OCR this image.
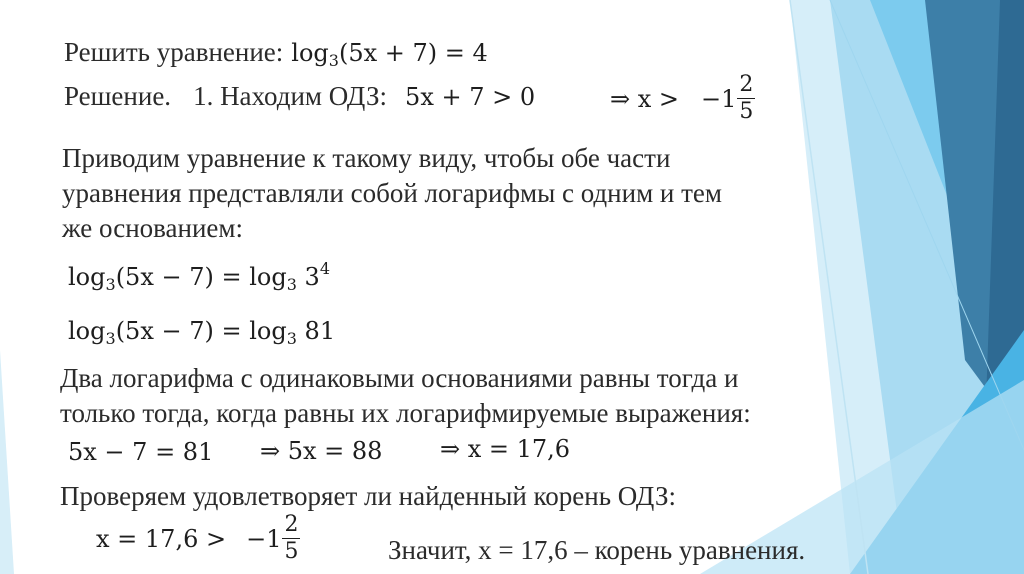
Решить уравнение: $\log_3(5x + 7) = 4$
Решение. 1. Находим ОДЗ: 5x + 7 > 0	⇒ $x > -1 \frac{2}{5}$
Приводим уравнение к такому виду, чтобы обе части
уравнения представляли собой логарифмы с одним и тем
же основанием:
$\log_3(5x - 7) = \log_3 3^4$
$\log_3(5x - 7) = \log_3 81$
Два логарифма с одинаковыми основаниями равны тогда и
только тогда, когда равны их логарифмируемые выражения:
5x − 7 = 81 ⇒ 5x = 88 ⇒ x = 17,6
Проверяем удовлетворяет ли найденный корень ОДЗ:
$x = 17,6 > -1 \frac{2}{5}$	Значит, x = 17,6 – корень уравнения.
